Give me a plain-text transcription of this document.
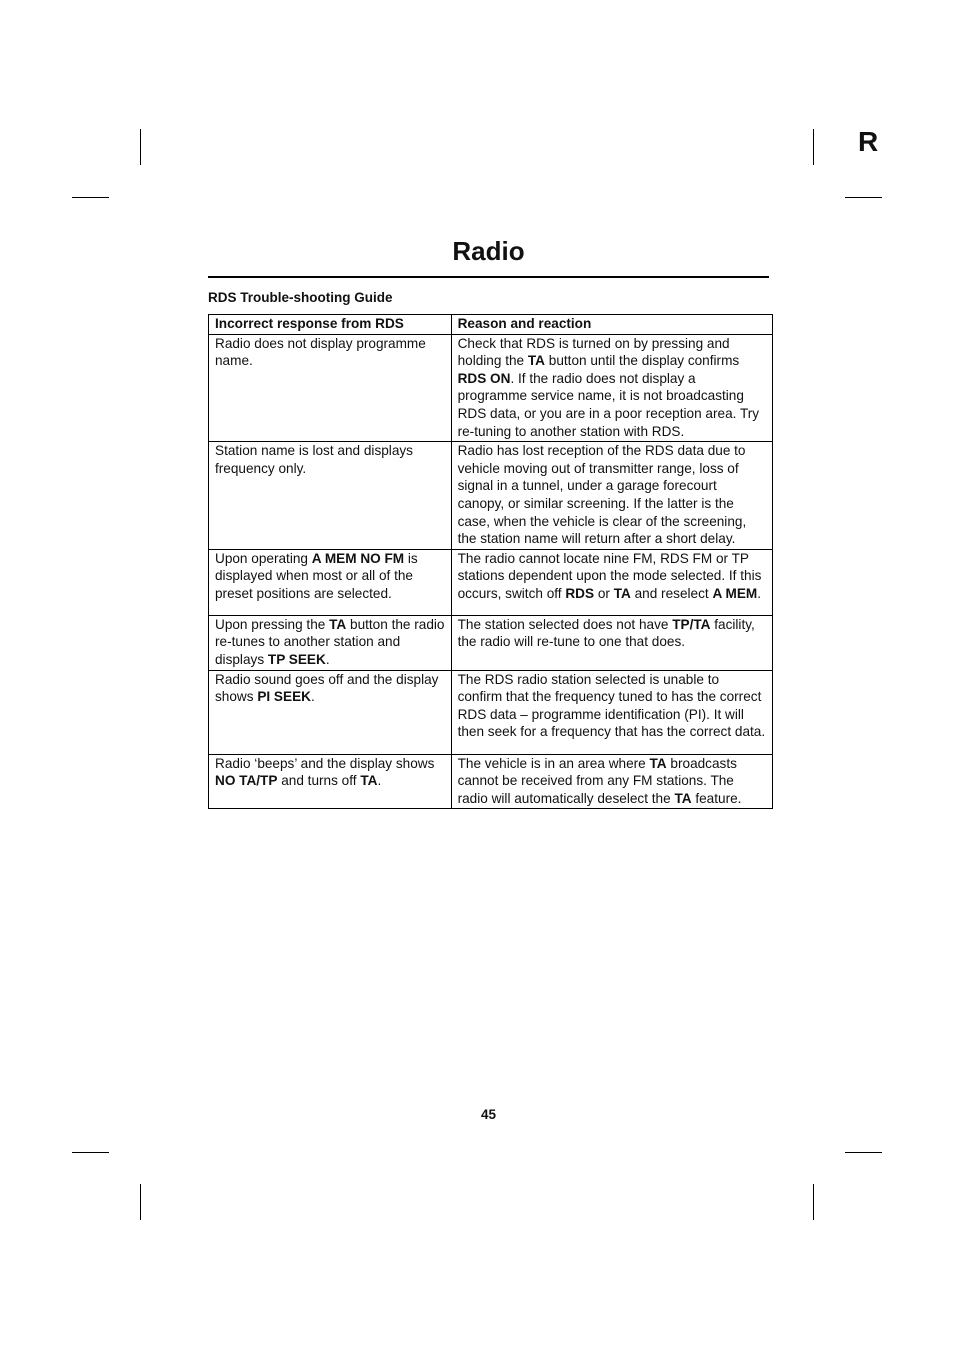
R
Radio
RDS Trouble-shooting Guide
Incorrect response from RDS	Reason and reaction
Radio does not display programme name.	Check that RDS is turned on by pressing and holding the TA button until the display confirms RDS ON. If the radio does not display a programme service name, it is not broadcasting RDS data, or you are in a poor reception area. Try re-tuning to another station with RDS.
Station name is lost and displays frequency only.	Radio has lost reception of the RDS data due to vehicle moving out of transmitter range, loss of signal in a tunnel, under a garage forecourt canopy, or similar screening. If the latter is the case, when the vehicle is clear of the screening, the station name will return after a short delay.
Upon operating A MEM NO FM is displayed when most or all of the preset positions are selected.	The radio cannot locate nine FM, RDS FM or TP stations dependent upon the mode selected. If this occurs, switch off RDS or TA and reselect A MEM.
Upon pressing the TA button the radio re-tunes to another station and displays TP SEEK.	The station selected does not have TP/TA facility, the radio will re-tune to one that does.
Radio sound goes off and the display shows PI SEEK.	The RDS radio station selected is unable to confirm that the frequency tuned to has the correct RDS data – programme identification (PI). It will then seek for a frequency that has the correct data.
Radio ‘beeps’ and the display shows NO TA/TP and turns off TA.	The vehicle is in an area where TA broadcasts cannot be received from any FM stations. The radio will automatically deselect the TA feature.
45
